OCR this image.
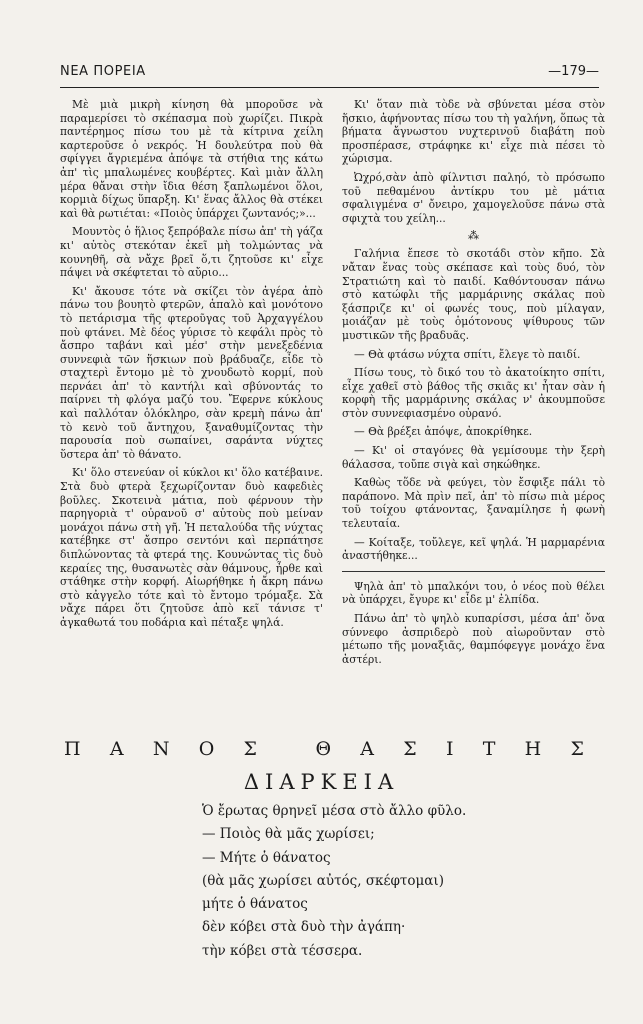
ΝΕΑ ΠΟΡΕΙΑ	—179—

Μὲ μιὰ μικρὴ κίνηση θὰ μποροῦσε νὰ παραμερίσει τὸ σκέπασμα ποὺ χωρίζει. Πικρὰ παντέρημος πίσω του μὲ τὰ κίτρινα χείλη καρτεροῦσε ὁ νεκρός. Ἡ δουλεύτρα ποὺ θὰ σφίγγει ἄγριεμένα ἀπόψε τὰ στήθια της κάτω ἀπ' τὶς μπαλωμένες κουβέρτες. Καὶ μιὰν ἄλλη μέρα θἄναι στὴν ἴδια θέση ξαπλωμένοι ὅλοι, κορμιὰ δίχως ὕπαρξη. Κι' ἕνας ἄλλος θὰ στέκει καὶ θὰ ρωτιέται: «Ποιὸς ὑπάρχει ζωντανός;»...

Μουντὸς ὁ ἥλιος ξεπρόβαλε πίσω ἀπ' τὴ γάζα κι' αὐτὸς στεκόταν ἐκεῖ μὴ τολμώντας νὰ κουνηθῆ, σὰ νἄχε βρεῖ ὅ,τι ζητοῦσε κι' εἶχε πάψει νὰ σκέφτεται τὸ αὔριο...

Κι' ἄκουσε τότε νὰ σκίζει τὸν ἀγέρα ἀπὸ πάνω του βουητὸ φτερῶν, ἁπαλὸ καὶ μονότονο τὸ πετάρισμα τῆς φτεροῦγας τοῦ Ἀρχαγγέλου ποὺ φτάνει. Μὲ δέος γύρισε τὸ κεφάλι πρὸς τὸ ἄσπρο ταβάνι καὶ μέσ' στὴν μενεξεδένια συννεφιὰ τῶν ἥσκιων ποὺ βράδυαζε, εἶδε τὸ σταχτερὶ ἔντομο μὲ τὸ χνουδωτὸ κορμί, ποὺ περνάει ἀπ' τὸ καντήλι καὶ σβύνοντάς το παίρνει τὴ φλόγα μαζύ του. Ἔφερνε κύκλους καὶ παλλόταν ὁλόκληρο, σὰν κρεμὴ πάνω ἀπ' τὸ κενὸ τοῦ ἄντηχου, ξαναθυμίζοντας τὴν παρουσία ποὺ σωπαίνει, σαράντα νύχτες ὕστερα ἀπ' τὸ θάνατο.

Κι' ὅλο στενεύαν οἱ κύκλοι κι' ὅλο κατέβαινε. Στὰ δυὸ φτερὰ ξεχωρίζονταν δυὸ καφεδιὲς βοῦλες. Σκοτεινὰ μάτια, ποὺ φέρνουν τὴν παρηγοριὰ τ' οὐρανοῦ σ' αὐτοὺς ποὺ μείναν μονάχοι πάνω στὴ γῆ. Ἡ πεταλούδα τῆς νύχτας κατέβηκε στ' ἄσπρο σεντόνι καὶ περπάτησε διπλώνοντας τὰ φτερά της. Κουνώντας τὶς δυὸ κεραίες της, θυσανωτὲς σὰν θάμνους, ἦρθε καὶ στάθηκε στὴν κορφή. Αἰωρήθηκε ἡ ἄκρη πάνω στὸ κἀγγελο τότε καὶ τὸ ἔντομο τρόμαξε. Σὰ νἄχε πάρει ὅτι ζητοῦσε ἀπὸ κεῖ τάνισε τ' ἀγκαθωτά του ποδάρια καὶ πέταξε ψηλά.

Κι' ὅταν πιὰ τὸδε νὰ σβύνεται μέσα στὸν ἥσκιο, ἀφήνοντας πίσω του τὴ γαλήνη, ὅπως τὰ βήματα ἄγνωστου νυχτερινοῦ διαβάτη ποὺ προσπέρασε, στράφηκε κι' εἶχε πιὰ πέσει τὸ χώρισμα.

Ὠχρό,σὰν ἀπὸ φίλντισι παληό, τὸ πρόσωπο τοῦ πεθαμένου ἀντίκρυ του μὲ μάτια σφαλιγμένα σ' ὄνειρο, χαμογελοῦσε πάνω στὰ σφιχτὰ του χείλη...

⁂

Γαλήνια ἔπεσε τὸ σκοτάδι στὸν κῆπο. Σὰ νἄταν ἕνας τοὺς σκέπασε καὶ τοὺς δυό, τὸν Στρατιώτη καὶ τὸ παιδί. Καθόντουσαν πάνω στὸ κατώφλι τῆς μαρμάρινης σκάλας ποὺ ξάσπριζε κι' οἱ φωνές τους, ποὺ μίλαγαν, μοιάζαν μὲ τοὺς ὁμότονους ψίθυρους τῶν μυστικῶν τῆς βραδυᾶς.

— Θὰ φτάσω νύχτα σπίτι, ἔλεγε τὸ παιδί.

Πίσω τους, τὸ δικό του τὸ ἀκατοίκητο σπίτι, εἶχε χαθεῖ στὸ βάθος τῆς σκιᾶς κι' ἦταν σὰν ἡ κορφὴ τῆς μαρμάρινης σκάλας ν' ἀκουμποῦσε στὸν συννεφιασμένο οὐρανό.

— Θὰ βρέξει ἀπόψε, ἀποκρίθηκε.

— Κι' οἱ σταγόνες θὰ γεμίσουμε τὴν ξερὴ θάλασσα, τοὔπε σιγὰ καὶ σηκώθηκε.

Καθὼς τὅδε νὰ φεύγει, τὸν ἔσφιξε πάλι τὸ παράπονο. Μὰ πρὶν πεῖ, ἀπ' τὸ πίσω πιὰ μέρος τοῦ τοίχου φτάνοντας, ξαναμίλησε ἡ φωνὴ τελευταία.

— Κοίταξε, τοὔλεγε, κεῖ ψηλά. Ἡ μαρμαρένια ἀναστήθηκε...

Ψηλὰ ἀπ' τὸ μπαλκόνι του, ὁ νέος ποὺ θέλει νὰ ὑπάρχει, ἔγυρε κι' εἶδε μ' ἐλπίδα.

Πάνω ἀπ' τὸ ψηλὸ κυπαρίσσι, μέσα ἀπ' ὄνα σύννεφο ἀσπριδερὸ ποὺ αἰωροῦνταν στὸ μέτωπο τῆς μοναξιᾶς, θαμπόφεγγε μονάχο ἕνα ἀστέρι.

Π Α Ν Ο Σ	Θ Α Σ Ι Τ Η Σ
ΔΙΑΡΚΕΙΑ
Ὁ ἔρωτας θρηνεῖ μέσα στὸ ἄλλο φῦλο.
— Ποιὸς θὰ μᾶς χωρίσει;
— Μήτε ὁ θάνατος
(θὰ μᾶς χωρίσει αὐτός, σκέφτομαι)
μήτε ὁ θάνατος
δὲν κόβει στὰ δυὸ τὴν ἀγάπη·
τὴν κόβει στὰ τέσσερα.
